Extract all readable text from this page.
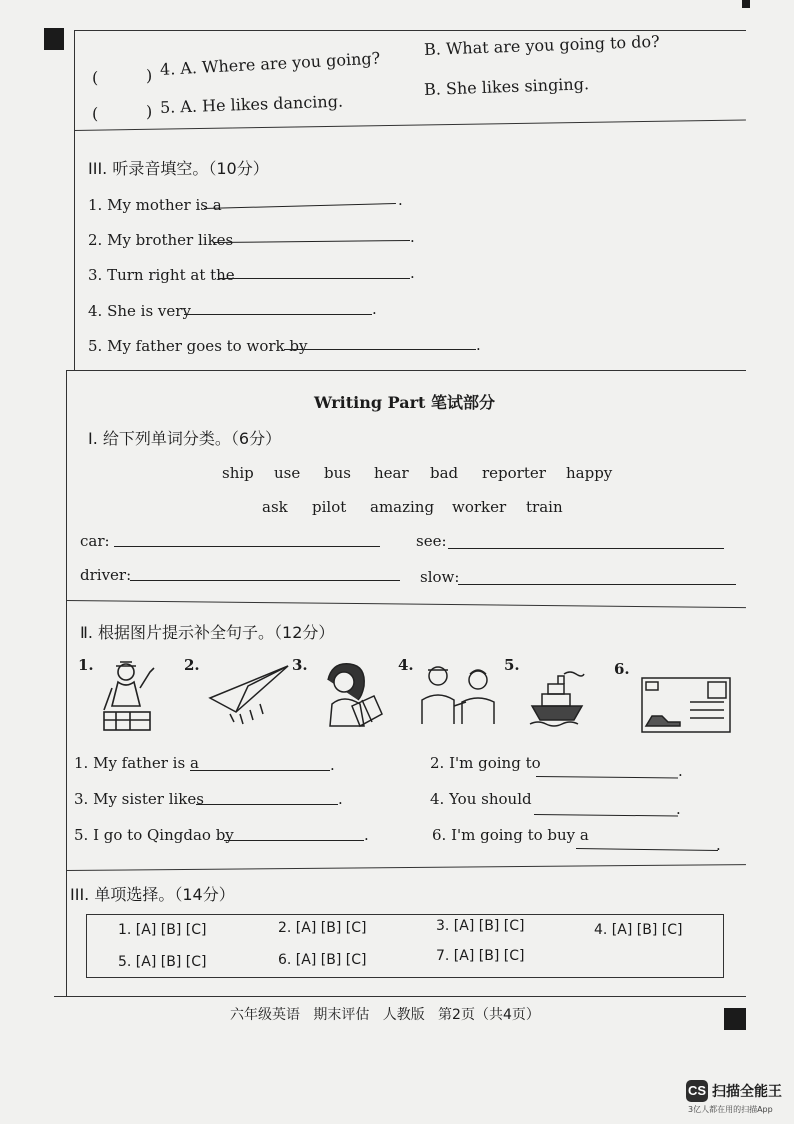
(	) 4. A. Where are you going?
B. What are you going to do?
(	) 5. A. He likes dancing.
B. She likes singing.
III. 听录音填空。（10分）
1. My mother is a	.
2. My brother likes	.
3. Turn right at the	.
4. She is very	.
5. My father goes to work by	.
Writing Part 笔试部分
Ⅰ. 给下列单词分类。（6分）
ship use bus hear bad reporter happy
ask pilot amazing worker train
car:	see:
driver:	slow:
Ⅱ. 根据图片提示补全句子。（12分）
1.	2.	3.	4.	5.	6.
1. My father is a	.	2. I'm going to	.
3. My sister likes	.	4. You should
.
5. I go to Qingdao by	.	6. I'm going to buy a
.
III. 单项选择。（14分）
1. [A] [B] [C]	2. [A] [B] [C]	3. [A] [B] [C]	4. [A] [B] [C]
5. [A] [B] [C]	6. [A] [B] [C]	7. [A] [B] [C]
六年级英语   期末评估   人教版   第2页（共4页）
CS 扫描全能王
3亿人都在用的扫描App
